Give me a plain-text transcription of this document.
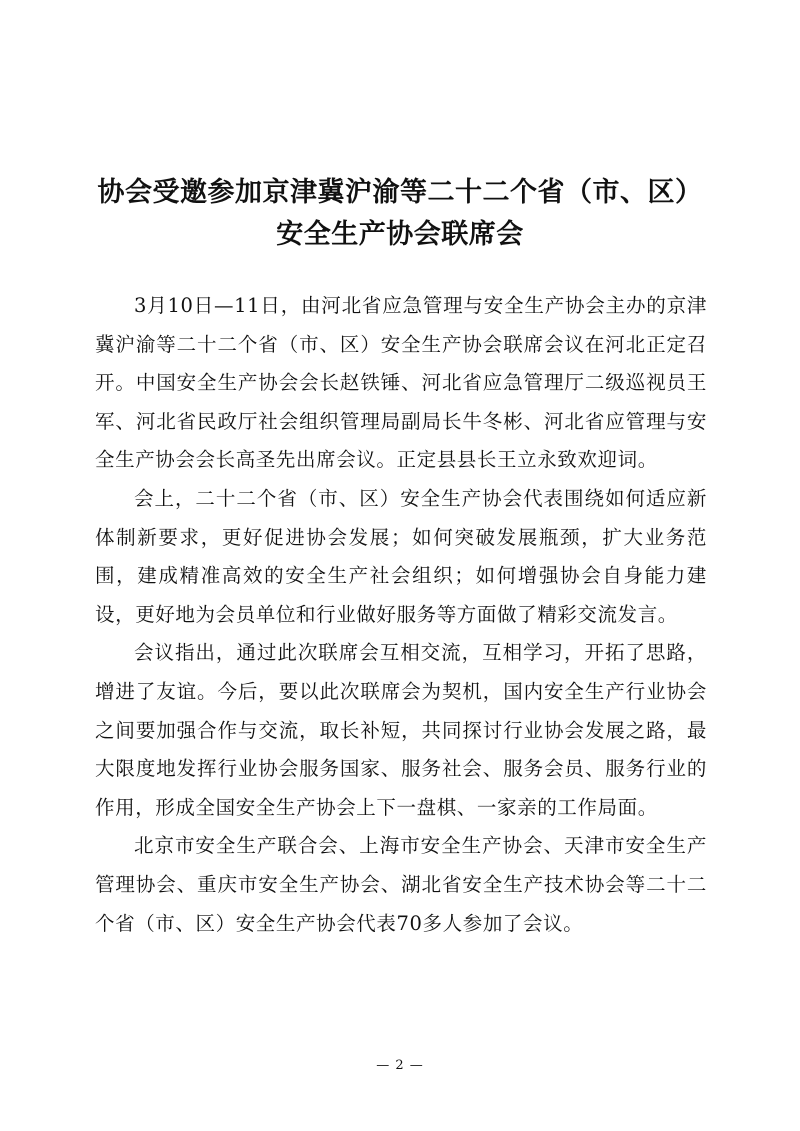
协会受邀参加京津冀沪渝等二十二个省（市、区）
安全生产协会联席会

3月10日—11日，由河北省应急管理与安全生产协会主办的京津冀沪渝等二十二个省（市、区）安全生产协会联席会议在河北正定召开。中国安全生产协会会长赵铁锤、河北省应急管理厅二级巡视员王军、河北省民政厅社会组织管理局副局长牛冬彬、河北省应管理与安全生产协会会长高圣先出席会议。正定县县长王立永致欢迎词。

会上，二十二个省（市、区）安全生产协会代表围绕如何适应新体制新要求，更好促进协会发展；如何突破发展瓶颈，扩大业务范围，建成精准高效的安全生产社会组织；如何增强协会自身能力建设，更好地为会员单位和行业做好服务等方面做了精彩交流发言。

会议指出，通过此次联席会互相交流，互相学习，开拓了思路，增进了友谊。今后，要以此次联席会为契机，国内安全生产行业协会之间要加强合作与交流，取长补短，共同探讨行业协会发展之路，最大限度地发挥行业协会服务国家、服务社会、服务会员、服务行业的作用，形成全国安全生产协会上下一盘棋、一家亲的工作局面。

北京市安全生产联合会、上海市安全生产协会、天津市安全生产管理协会、重庆市安全生产协会、湖北省安全生产技术协会等二十二个省（市、区）安全生产协会代表70多人参加了会议。

— 2 —
